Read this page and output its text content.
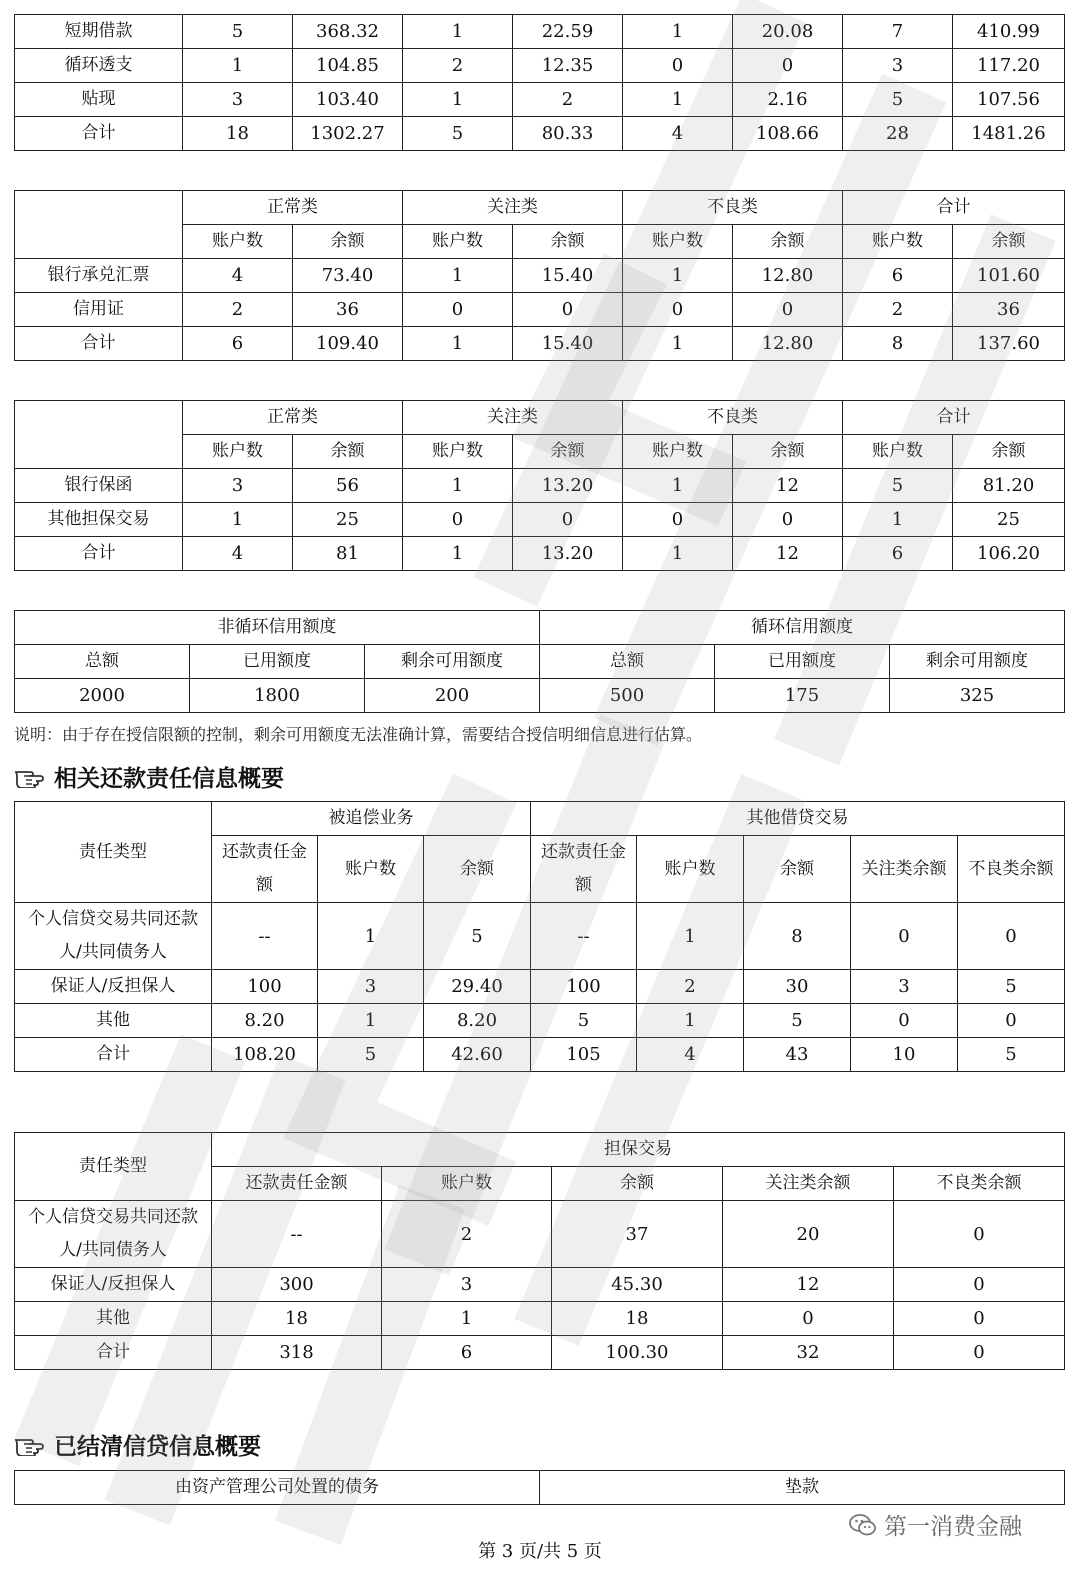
短期借款	5	368.32	1	22.59	1	20.08	7	410.99
循环透支	1	104.85	2	12.35	0	0	3	117.20
贴现	3	103.40	1	2	1	2.16	5	107.56
合计	18	1302.27	5	80.33	4	108.66	28	1481.26
	正常类		关注类		不良类		合计	
	账户数	余额	账户数	余额	账户数	余额	账户数	余额
银行承兑汇票	4	73.40	1	15.40	1	12.80	6	101.60
信用证	2	36	0	0	0	0	2	36
合计	6	109.40	1	15.40	1	12.80	8	137.60
	正常类		关注类		不良类		合计	
	账户数	余额	账户数	余额	账户数	余额	账户数	余额
银行保函	3	56	1	13.20	1	12	5	81.20
其他担保交易	1	25	0	0	0	0	1	25
合计	4	81	1	13.20	1	12	6	106.20
非循环信用额度			循环信用额度		
总额	已用额度	剩余可用额度	总额	已用额度	剩余可用额度
2000	1800	200	500	175	325
说明：由于存在授信限额的控制，剩余可用额度无法准确计算，需要结合授信明细信息进行估算。
相关还款责任信息概要
责任类型	被追偿业务			其他借贷交易				
	还款责任金额	账户数	余额	还款责任金额	账户数	余额	关注类余额	不良类余额
个人信贷交易共同还款人/共同债务人	--	1	5	--	1	8	0	0
保证人/反担保人	100	3	29.40	100	2	30	3	5
其他	8.20	1	8.20	5	1	5	0	0
合计	108.20	5	42.60	105	4	43	10	5
责任类型	担保交易				
	还款责任金额	账户数	余额	关注类余额	不良类余额
个人信贷交易共同还款人/共同债务人	--	2	37	20	0
保证人/反担保人	300	3	45.30	12	0
其他	18	1	18	0	0
合计	318	6	100.30	32	0
已结清信贷信息概要
由资产管理公司处置的债务	垫款
第一消费金融
第 3 页/共 5 页
